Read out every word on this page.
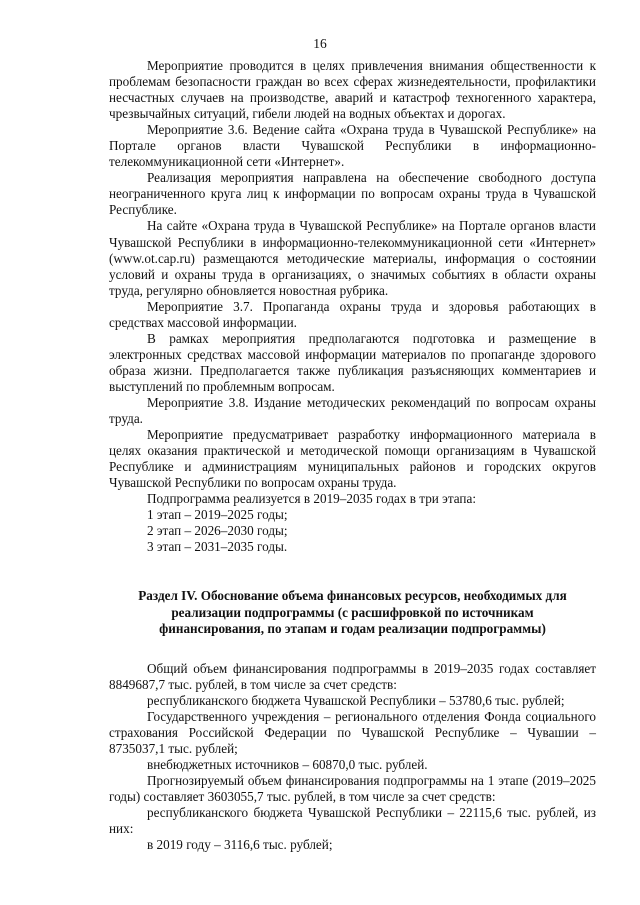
16

Мероприятие проводится в целях привлечения внимания общественности к проблемам безопасности граждан во всех сферах жизнедеятельности, профилактики несчастных случаев на производстве, аварий и катастроф техногенного характера, чрезвычайных ситуаций, гибели людей на водных объектах и дорогах.

Мероприятие 3.6. Ведение сайта «Охрана труда в Чувашской Республике» на Портале органов власти Чувашской Республики в информационно-телекоммуникационной сети «Интернет».

Реализация мероприятия направлена на обеспечение свободного доступа неограниченного круга лиц к информации по вопросам охраны труда в Чувашской Республике.

На сайте «Охрана труда в Чувашской Республике» на Портале органов власти Чувашской Республики в информационно-телекоммуникационной сети «Интернет» (www.ot.cap.ru) размещаются методические материалы, информация о состоянии условий и охраны труда в организациях, о значимых событиях в области охраны труда, регулярно обновляется новостная рубрика.

Мероприятие 3.7. Пропаганда охраны труда и здоровья работающих в средствах массовой информации.

В рамках мероприятия предполагаются подготовка и размещение в электронных средствах массовой информации материалов по пропаганде здорового образа жизни. Предполагается также публикация разъясняющих комментариев и выступлений по проблемным вопросам.

Мероприятие 3.8. Издание методических рекомендаций по вопросам охраны труда.

Мероприятие предусматривает разработку информационного материала в целях оказания практической и методической помощи организациям в Чувашской Республике и администрациям муниципальных районов и городских округов Чувашской Республики по вопросам охраны труда.

Подпрограмма реализуется в 2019–2035 годах в три этапа:

1 этап – 2019–2025 годы;

2 этап – 2026–2030 годы;

3 этап – 2031–2035 годы.

Раздел IV. Обоснование объема финансовых ресурсов, необходимых для реализации подпрограммы (с расшифровкой по источникам финансирования, по этапам и годам реализации подпрограммы)

Общий объем финансирования подпрограммы в 2019–2035 годах составляет 8849687,7 тыс. рублей, в том числе за счет средств:

республиканского бюджета Чувашской Республики – 53780,6 тыс. рублей;

Государственного учреждения – регионального отделения Фонда социального страхования Российской Федерации по Чувашской Республике – Чувашии – 8735037,1 тыс. рублей;

внебюджетных источников – 60870,0 тыс. рублей.

Прогнозируемый объем финансирования подпрограммы на 1 этапе (2019–2025 годы) составляет 3603055,7 тыс. рублей, в том числе за счет средств:

республиканского бюджета Чувашской Республики – 22115,6 тыс. рублей, из них:

в 2019 году – 3116,6 тыс. рублей;
